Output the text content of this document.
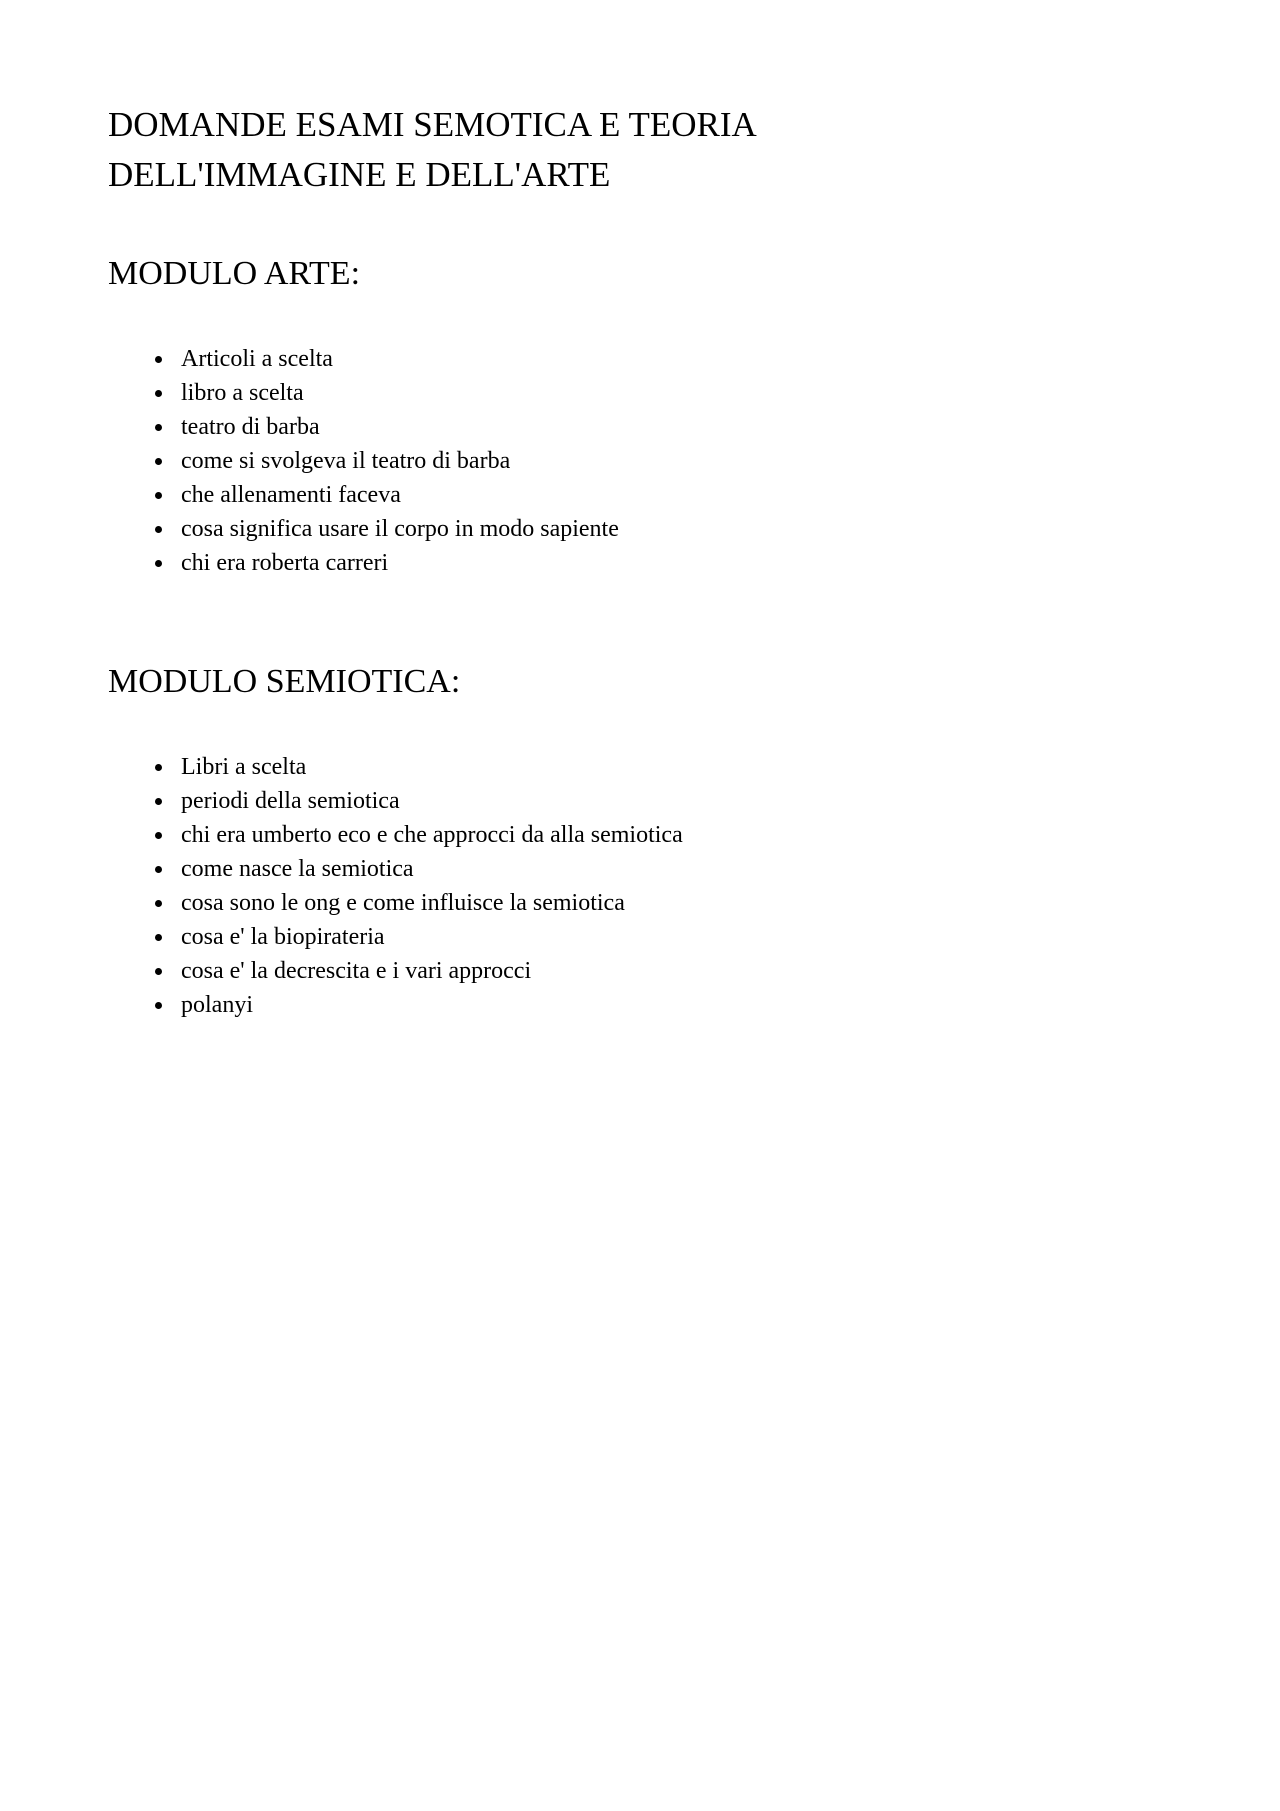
DOMANDE ESAMI SEMOTICA E TEORIA DELL'IMMAGINE E DELL'ARTE
MODULO ARTE:
• Articoli a scelta
• libro a scelta
• teatro di barba
• come si svolgeva il teatro di barba
• che allenamenti faceva
• cosa significa usare il corpo in modo sapiente
• chi era roberta carreri
MODULO SEMIOTICA:
• Libri a scelta
• periodi della semiotica
• chi era umberto eco e che approcci da alla semiotica
• come nasce la semiotica
• cosa sono le ong e come influisce la semiotica
• cosa e' la biopirateria
• cosa e' la decrescita e i vari approcci
• polanyi
